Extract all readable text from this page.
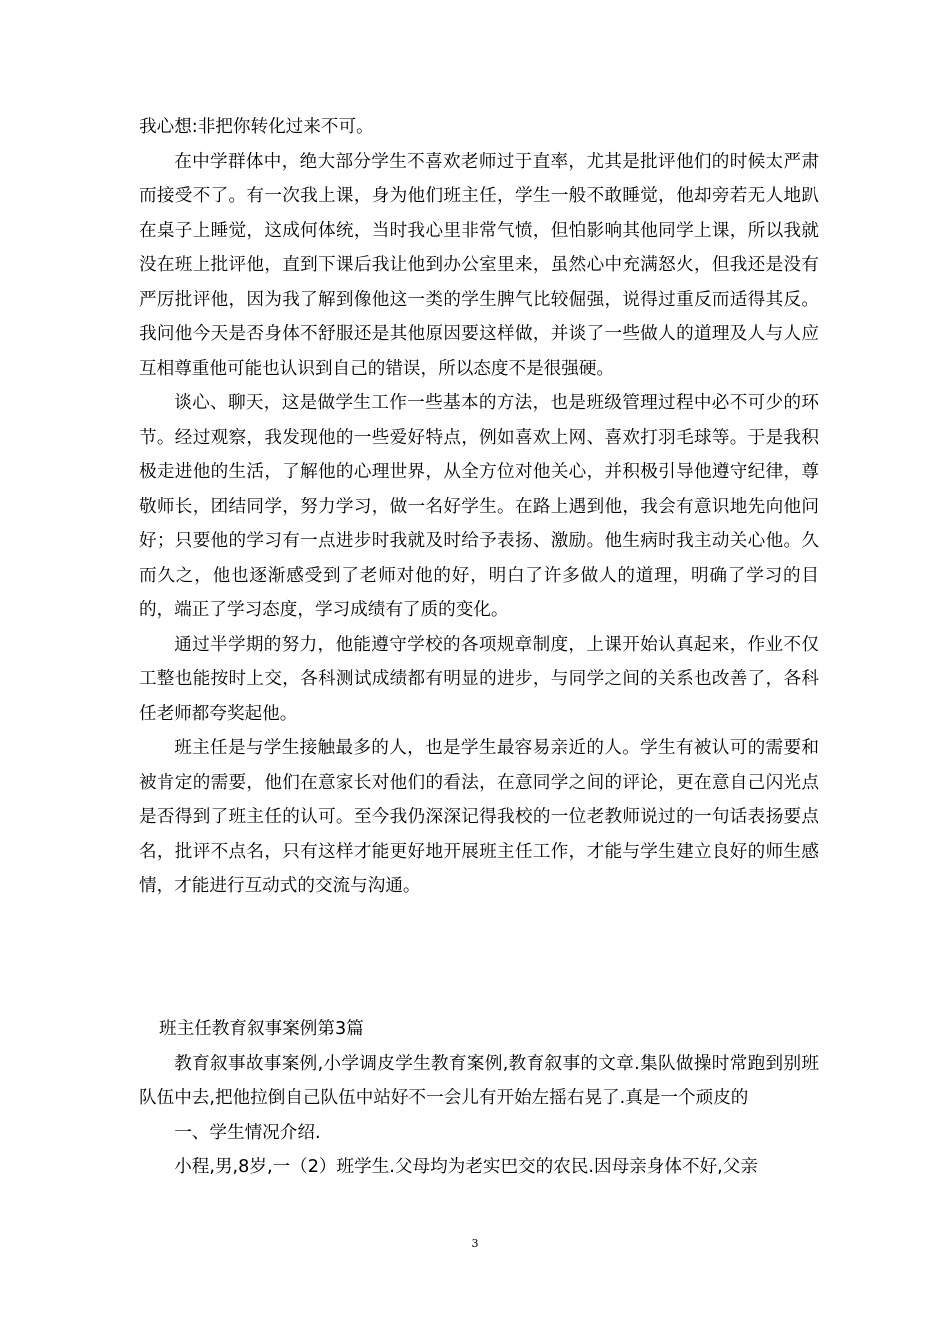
我心想:非把你转化过来不可。

在中学群体中，绝大部分学生不喜欢老师过于直率，尤其是批评他们的时候太严肃而接受不了。有一次我上课，身为他们班主任，学生一般不敢睡觉，他却旁若无人地趴在桌子上睡觉，这成何体统，当时我心里非常气愤，但怕影响其他同学上课，所以我就没在班上批评他，直到下课后我让他到办公室里来，虽然心中充满怒火，但我还是没有严厉批评他，因为我了解到像他这一类的学生脾气比较倔强，说得过重反而适得其反。我问他今天是否身体不舒服还是其他原因要这样做，并谈了一些做人的道理及人与人应互相尊重他可能也认识到自己的错误，所以态度不是很强硬。

谈心、聊天，这是做学生工作一些基本的方法，也是班级管理过程中必不可少的环节。经过观察，我发现他的一些爱好特点，例如喜欢上网、喜欢打羽毛球等。于是我积极走进他的生活，了解他的心理世界，从全方位对他关心，并积极引导他遵守纪律，尊敬师长，团结同学，努力学习，做一名好学生。在路上遇到他，我会有意识地先向他问好；只要他的学习有一点进步时我就及时给予表扬、激励。他生病时我主动关心他。久而久之，他也逐渐感受到了老师对他的好，明白了许多做人的道理，明确了学习的目的，端正了学习态度，学习成绩有了质的变化。

通过半学期的努力，他能遵守学校的各项规章制度，上课开始认真起来，作业不仅工整也能按时上交，各科测试成绩都有明显的进步，与同学之间的关系也改善了，各科任老师都夸奖起他。

班主任是与学生接触最多的人，也是学生最容易亲近的人。学生有被认可的需要和被肯定的需要，他们在意家长对他们的看法，在意同学之间的评论，更在意自己闪光点是否得到了班主任的认可。至今我仍深深记得我校的一位老教师说过的一句话表扬要点名，批评不点名，只有这样才能更好地开展班主任工作，才能与学生建立良好的师生感情，才能进行互动式的交流与沟通。

班主任教育叙事案例第3篇

教育叙事故事案例,小学调皮学生教育案例,教育叙事的文章.集队做操时常跑到别班队伍中去,把他拉倒自己队伍中站好不一会儿有开始左摇右晃了.真是一个顽皮的

一、学生情况介绍.

小程,男,8岁,一（2）班学生.父母均为老实巴交的农民.因母亲身体不好,父亲

3
